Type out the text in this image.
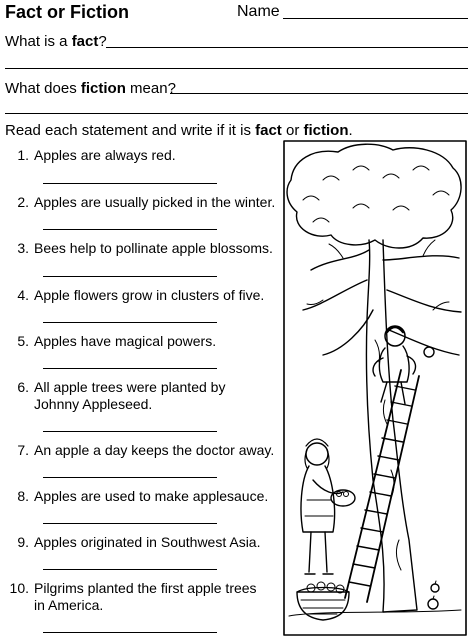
Fact or Fiction	Name
What is a fact?
What does fiction mean?
Read each statement and write if it is fact or fiction.
1. Apples are always red.
2. Apples are usually picked in the winter.
3. Bees help to pollinate apple blossoms.
4. Apple flowers grow in clusters of five.
5. Apples have magical powers.
6. All apple trees were planted by
Johnny Appleseed.
7. An apple a day keeps the doctor away.
8. Apples are used to make applesauce.
9. Apples originated in Southwest Asia.
10. Pilgrims planted the first apple trees
in America.
